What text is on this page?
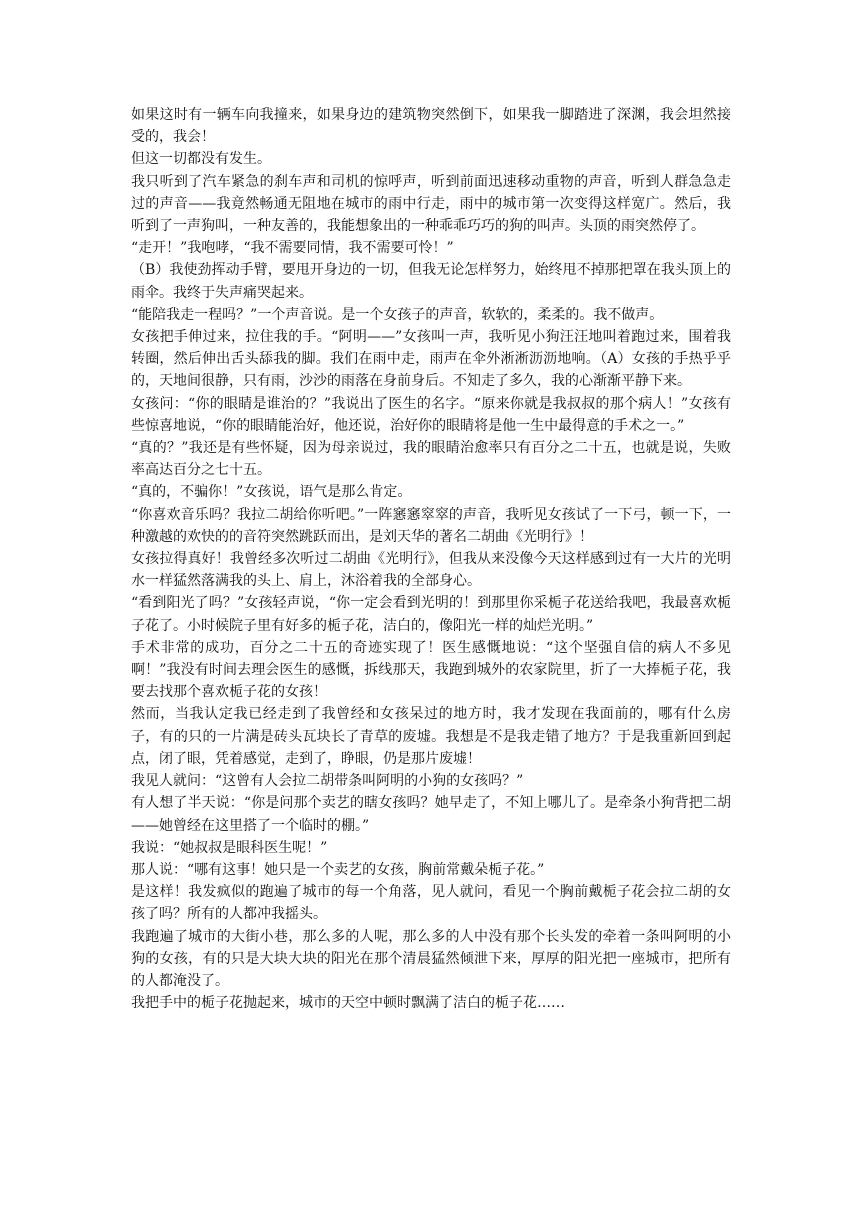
如果这时有一辆车向我撞来，如果身边的建筑物突然倒下，如果我一脚踏进了深渊，我会坦然接受的，我会！

但这一切都没有发生。

我只听到了汽车紧急的刹车声和司机的惊呼声，听到前面迅速移动重物的声音，听到人群急急走过的声音——我竟然畅通无阻地在城市的雨中行走，雨中的城市第一次变得这样宽广。然后，我听到了一声狗叫，一种友善的，我能想象出的一种乖乖巧巧的狗的叫声。头顶的雨突然停了。

“走开！”我咆哮，“我不需要同情，我不需要可怜！”

（B）我使劲挥动手臂，要甩开身边的一切，但我无论怎样努力，始终甩不掉那把罩在我头顶上的雨伞。我终于失声痛哭起来。

“能陪我走一程吗？”一个声音说。是一个女孩子的声音，软软的，柔柔的。我不做声。

女孩把手伸过来，拉住我的手。“阿明——”女孩叫一声，我听见小狗汪汪地叫着跑过来，围着我转圈，然后伸出舌头舔我的脚。我们在雨中走，雨声在伞外淅淅沥沥地响。（A）女孩的手热乎乎的，天地间很静，只有雨，沙沙的雨落在身前身后。不知走了多久，我的心渐渐平静下来。

女孩问：“你的眼睛是谁治的？”我说出了医生的名字。“原来你就是我叔叔的那个病人！”女孩有些惊喜地说，“你的眼睛能治好，他还说，治好你的眼睛将是他一生中最得意的手术之一。”

“真的？”我还是有些怀疑，因为母亲说过，我的眼睛治愈率只有百分之二十五，也就是说，失败率高达百分之七十五。

“真的，不骗你！”女孩说，语气是那么肯定。

“你喜欢音乐吗？我拉二胡给你听吧。”一阵窸窸窣窣的声音，我听见女孩试了一下弓，顿一下，一种激越的欢快的的音符突然跳跃而出，是刘天华的著名二胡曲《光明行》！

女孩拉得真好！我曾经多次听过二胡曲《光明行》，但我从来没像今天这样感到过有一大片的光明水一样猛然落满我的头上、肩上，沐浴着我的全部身心。

“看到阳光了吗？”女孩轻声说，“你一定会看到光明的！到那里你采栀子花送给我吧，我最喜欢栀子花了。小时候院子里有好多的栀子花，洁白的，像阳光一样的灿烂光明。”

手术非常的成功，百分之二十五的奇迹实现了！医生感慨地说：“这个坚强自信的病人不多见啊！”我没有时间去理会医生的感慨，拆线那天，我跑到城外的农家院里，折了一大捧栀子花，我要去找那个喜欢栀子花的女孩！

然而，当我认定我已经走到了我曾经和女孩呆过的地方时，我才发现在我面前的，哪有什么房子，有的只的一片满是砖头瓦块长了青草的废墟。我想是不是我走错了地方？于是我重新回到起点，闭了眼，凭着感觉，走到了，睁眼，仍是那片废墟！

我见人就问：“这曾有人会拉二胡带条叫阿明的小狗的女孩吗？”

有人想了半天说：“你是问那个卖艺的瞎女孩吗？她早走了，不知上哪儿了。是牵条小狗背把二胡——她曾经在这里搭了一个临时的棚。”

我说：“她叔叔是眼科医生呢！”

那人说：“哪有这事！她只是一个卖艺的女孩，胸前常戴朵栀子花。”

是这样！我发疯似的跑遍了城市的每一个角落，见人就问，看见一个胸前戴栀子花会拉二胡的女孩了吗？所有的人都冲我摇头。

我跑遍了城市的大街小巷，那么多的人呢，那么多的人中没有那个长头发的牵着一条叫阿明的小狗的女孩，有的只是大块大块的阳光在那个清晨猛然倾泄下来，厚厚的阳光把一座城市，把所有的人都淹没了。

我把手中的栀子花抛起来，城市的天空中顿时飘满了洁白的栀子花……
